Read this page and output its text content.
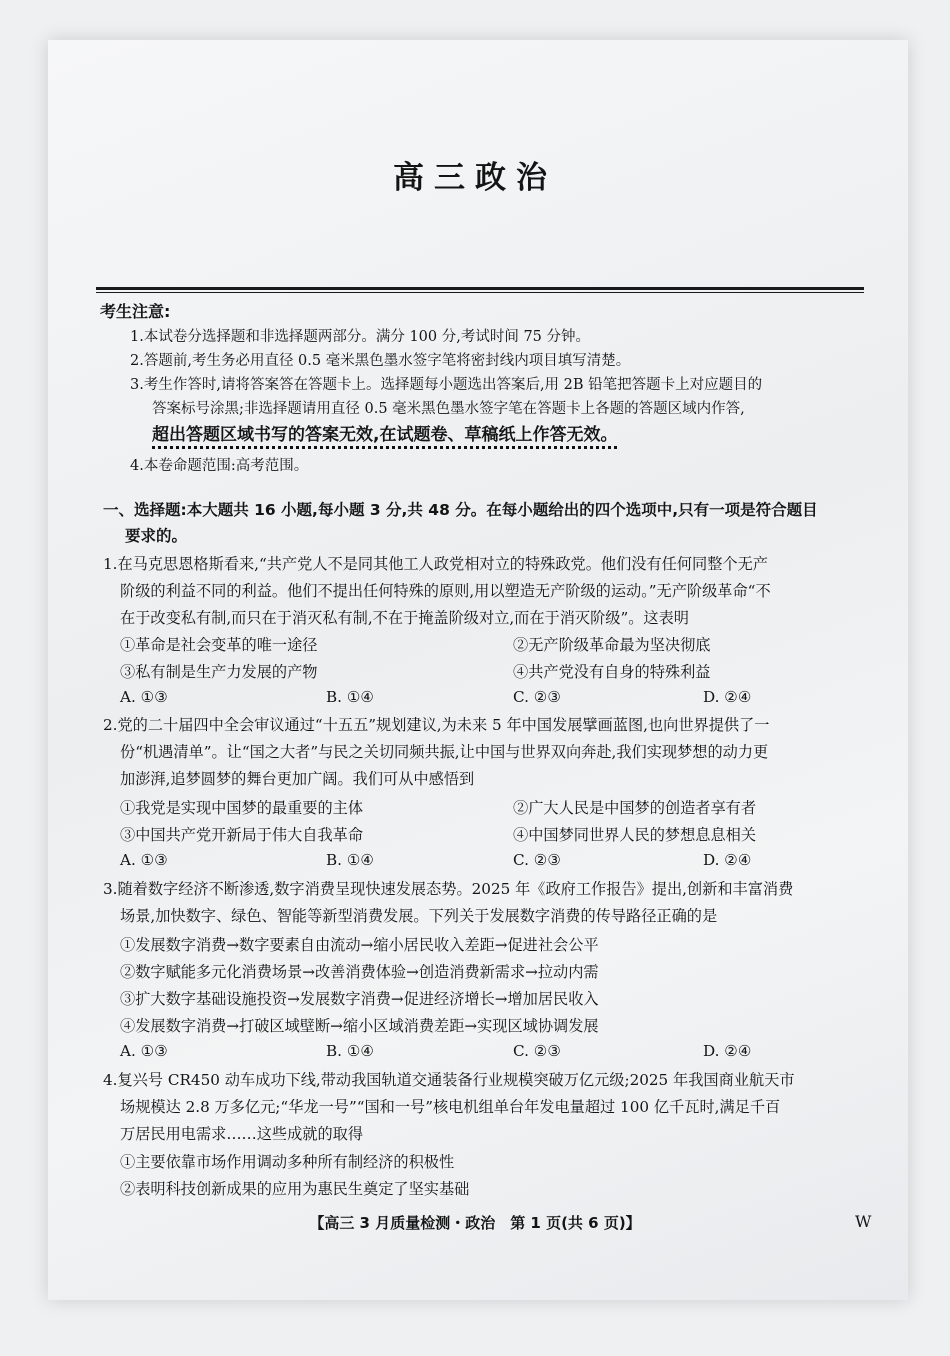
高三政治
考生注意:
1.本试卷分选择题和非选择题两部分。满分 100 分,考试时间 75 分钟。
2.答题前,考生务必用直径 0.5 毫米黑色墨水签字笔将密封线内项目填写清楚。
3.考生作答时,请将答案答在答题卡上。选择题每小题选出答案后,用 2B 铅笔把答题卡上对应题目的
答案标号涂黑;非选择题请用直径 0.5 毫米黑色墨水签字笔在答题卡上各题的答题区域内作答,
超出答题区域书写的答案无效,在试题卷、草稿纸上作答无效。
4.本卷命题范围:高考范围。
一、选择题:本大题共 16 小题,每小题 3 分,共 48 分。在每小题给出的四个选项中,只有一项是符合题目
要求的。
1.在马克思恩格斯看来,“共产党人不是同其他工人政党相对立的特殊政党。他们没有任何同整个无产
阶级的利益不同的利益。他们不提出任何特殊的原则,用以塑造无产阶级的运动。”无产阶级革命“不
在于改变私有制,而只在于消灭私有制,不在于掩盖阶级对立,而在于消灭阶级”。这表明
①革命是社会变革的唯一途径	②无产阶级革命最为坚决彻底
③私有制是生产力发展的产物	④共产党没有自身的特殊利益
A. ①③	B. ①④	C. ②③	D. ②④
2.党的二十届四中全会审议通过“十五五”规划建议,为未来 5 年中国发展擘画蓝图,也向世界提供了一
份“机遇清单”。让“国之大者”与民之关切同频共振,让中国与世界双向奔赴,我们实现梦想的动力更
加澎湃,追梦圆梦的舞台更加广阔。我们可从中感悟到
①我党是实现中国梦的最重要的主体	②广大人民是中国梦的创造者享有者
③中国共产党开新局于伟大自我革命	④中国梦同世界人民的梦想息息相关
A. ①③	B. ①④	C. ②③	D. ②④
3.随着数字经济不断渗透,数字消费呈现快速发展态势。2025 年《政府工作报告》提出,创新和丰富消费
场景,加快数字、绿色、智能等新型消费发展。下列关于发展数字消费的传导路径正确的是
①发展数字消费→数字要素自由流动→缩小居民收入差距→促进社会公平
②数字赋能多元化消费场景→改善消费体验→创造消费新需求→拉动内需
③扩大数字基础设施投资→发展数字消费→促进经济增长→增加居民收入
④发展数字消费→打破区域壁断→缩小区域消费差距→实现区域协调发展
A. ①③	B. ①④	C. ②③	D. ②④
4.复兴号 CR450 动车成功下线,带动我国轨道交通装备行业规模突破万亿元级;2025 年我国商业航天市
场规模达 2.8 万多亿元;“华龙一号”“国和一号”核电机组单台年发电量超过 100 亿千瓦时,满足千百
万居民用电需求……这些成就的取得
①主要依靠市场作用调动多种所有制经济的积极性
②表明科技创新成果的应用为惠民生奠定了坚实基础
【高三 3 月质量检测・政治　第 1 页(共 6 页)】	W
